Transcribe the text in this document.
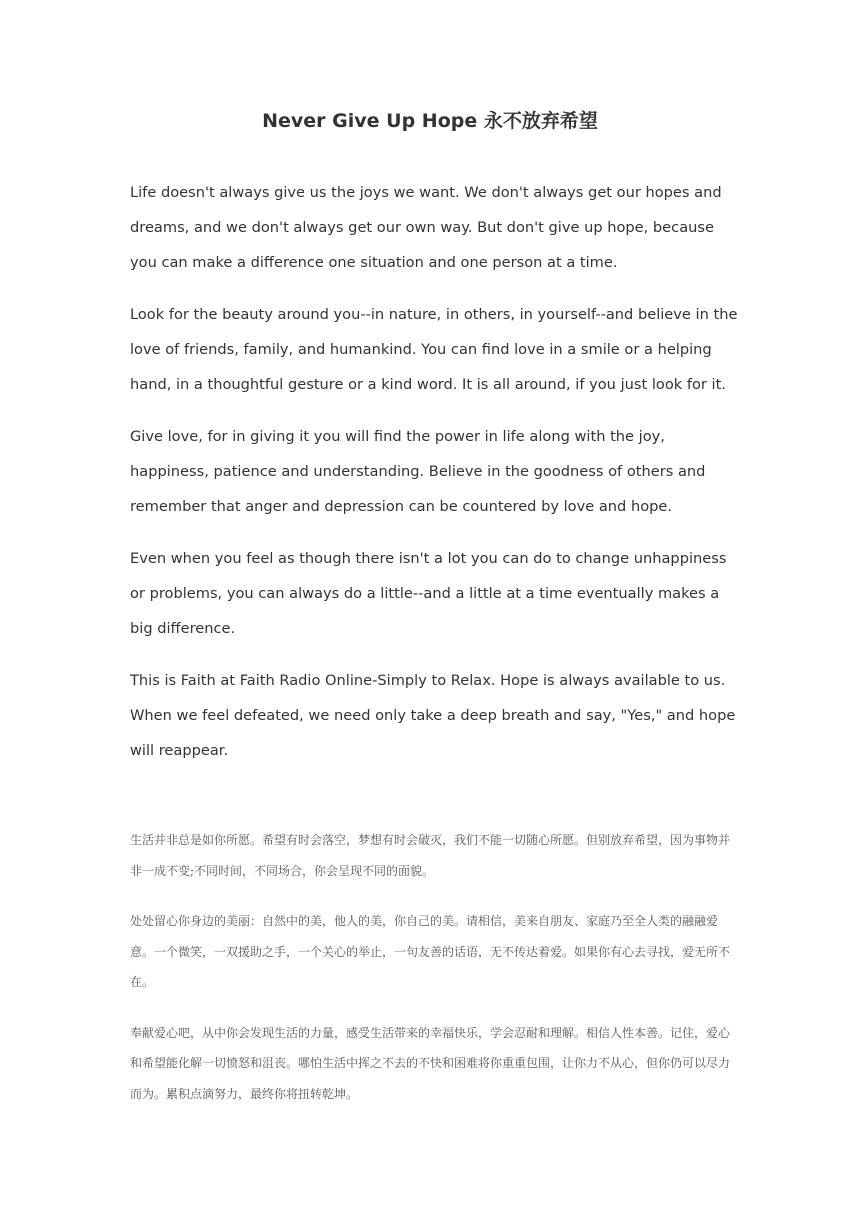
Never Give Up Hope 永不放弃希望

Life doesn't always give us the joys we want. We don't always get our hopes and dreams, and we don't always get our own way. But don't give up hope, because you can make a difference one situation and one person at a time.

Look for the beauty around you--in nature, in others, in yourself--and believe in the love of friends, family, and humankind. You can find love in a smile or a helping hand, in a thoughtful gesture or a kind word. It is all around, if you just look for it.

Give love, for in giving it you will find the power in life along with the joy, happiness, patience and understanding. Believe in the goodness of others and remember that anger and depression can be countered by love and hope.

Even when you feel as though there isn't a lot you can do to change unhappiness or problems, you can always do a little--and a little at a time eventually makes a big difference.

This is Faith at Faith Radio Online-Simply to Relax. Hope is always available to us. When we feel defeated, we need only take a deep breath and say, "Yes," and hope will reappear.

生活并非总是如你所愿。希望有时会落空，梦想有时会破灭，我们不能一切随心所愿。但别放弃希望，因为事物并非一成不变;不同时间，不同场合，你会呈现不同的面貌。

处处留心你身边的美丽：自然中的美，他人的美，你自己的美。请相信，美来自朋友、家庭乃至全人类的融融爱意。一个微笑，一双援助之手，一个关心的举止，一句友善的话语，无不传达着爱。如果你有心去寻找，爱无所不在。

奉献爱心吧，从中你会发现生活的力量，感受生活带来的幸福快乐，学会忍耐和理解。相信人性本善。记住，爱心和希望能化解一切愤怒和沮丧。哪怕生活中挥之不去的不快和困难将你重重包围，让你力不从心，但你仍可以尽力而为。累积点滴努力，最终你将扭转乾坤。
